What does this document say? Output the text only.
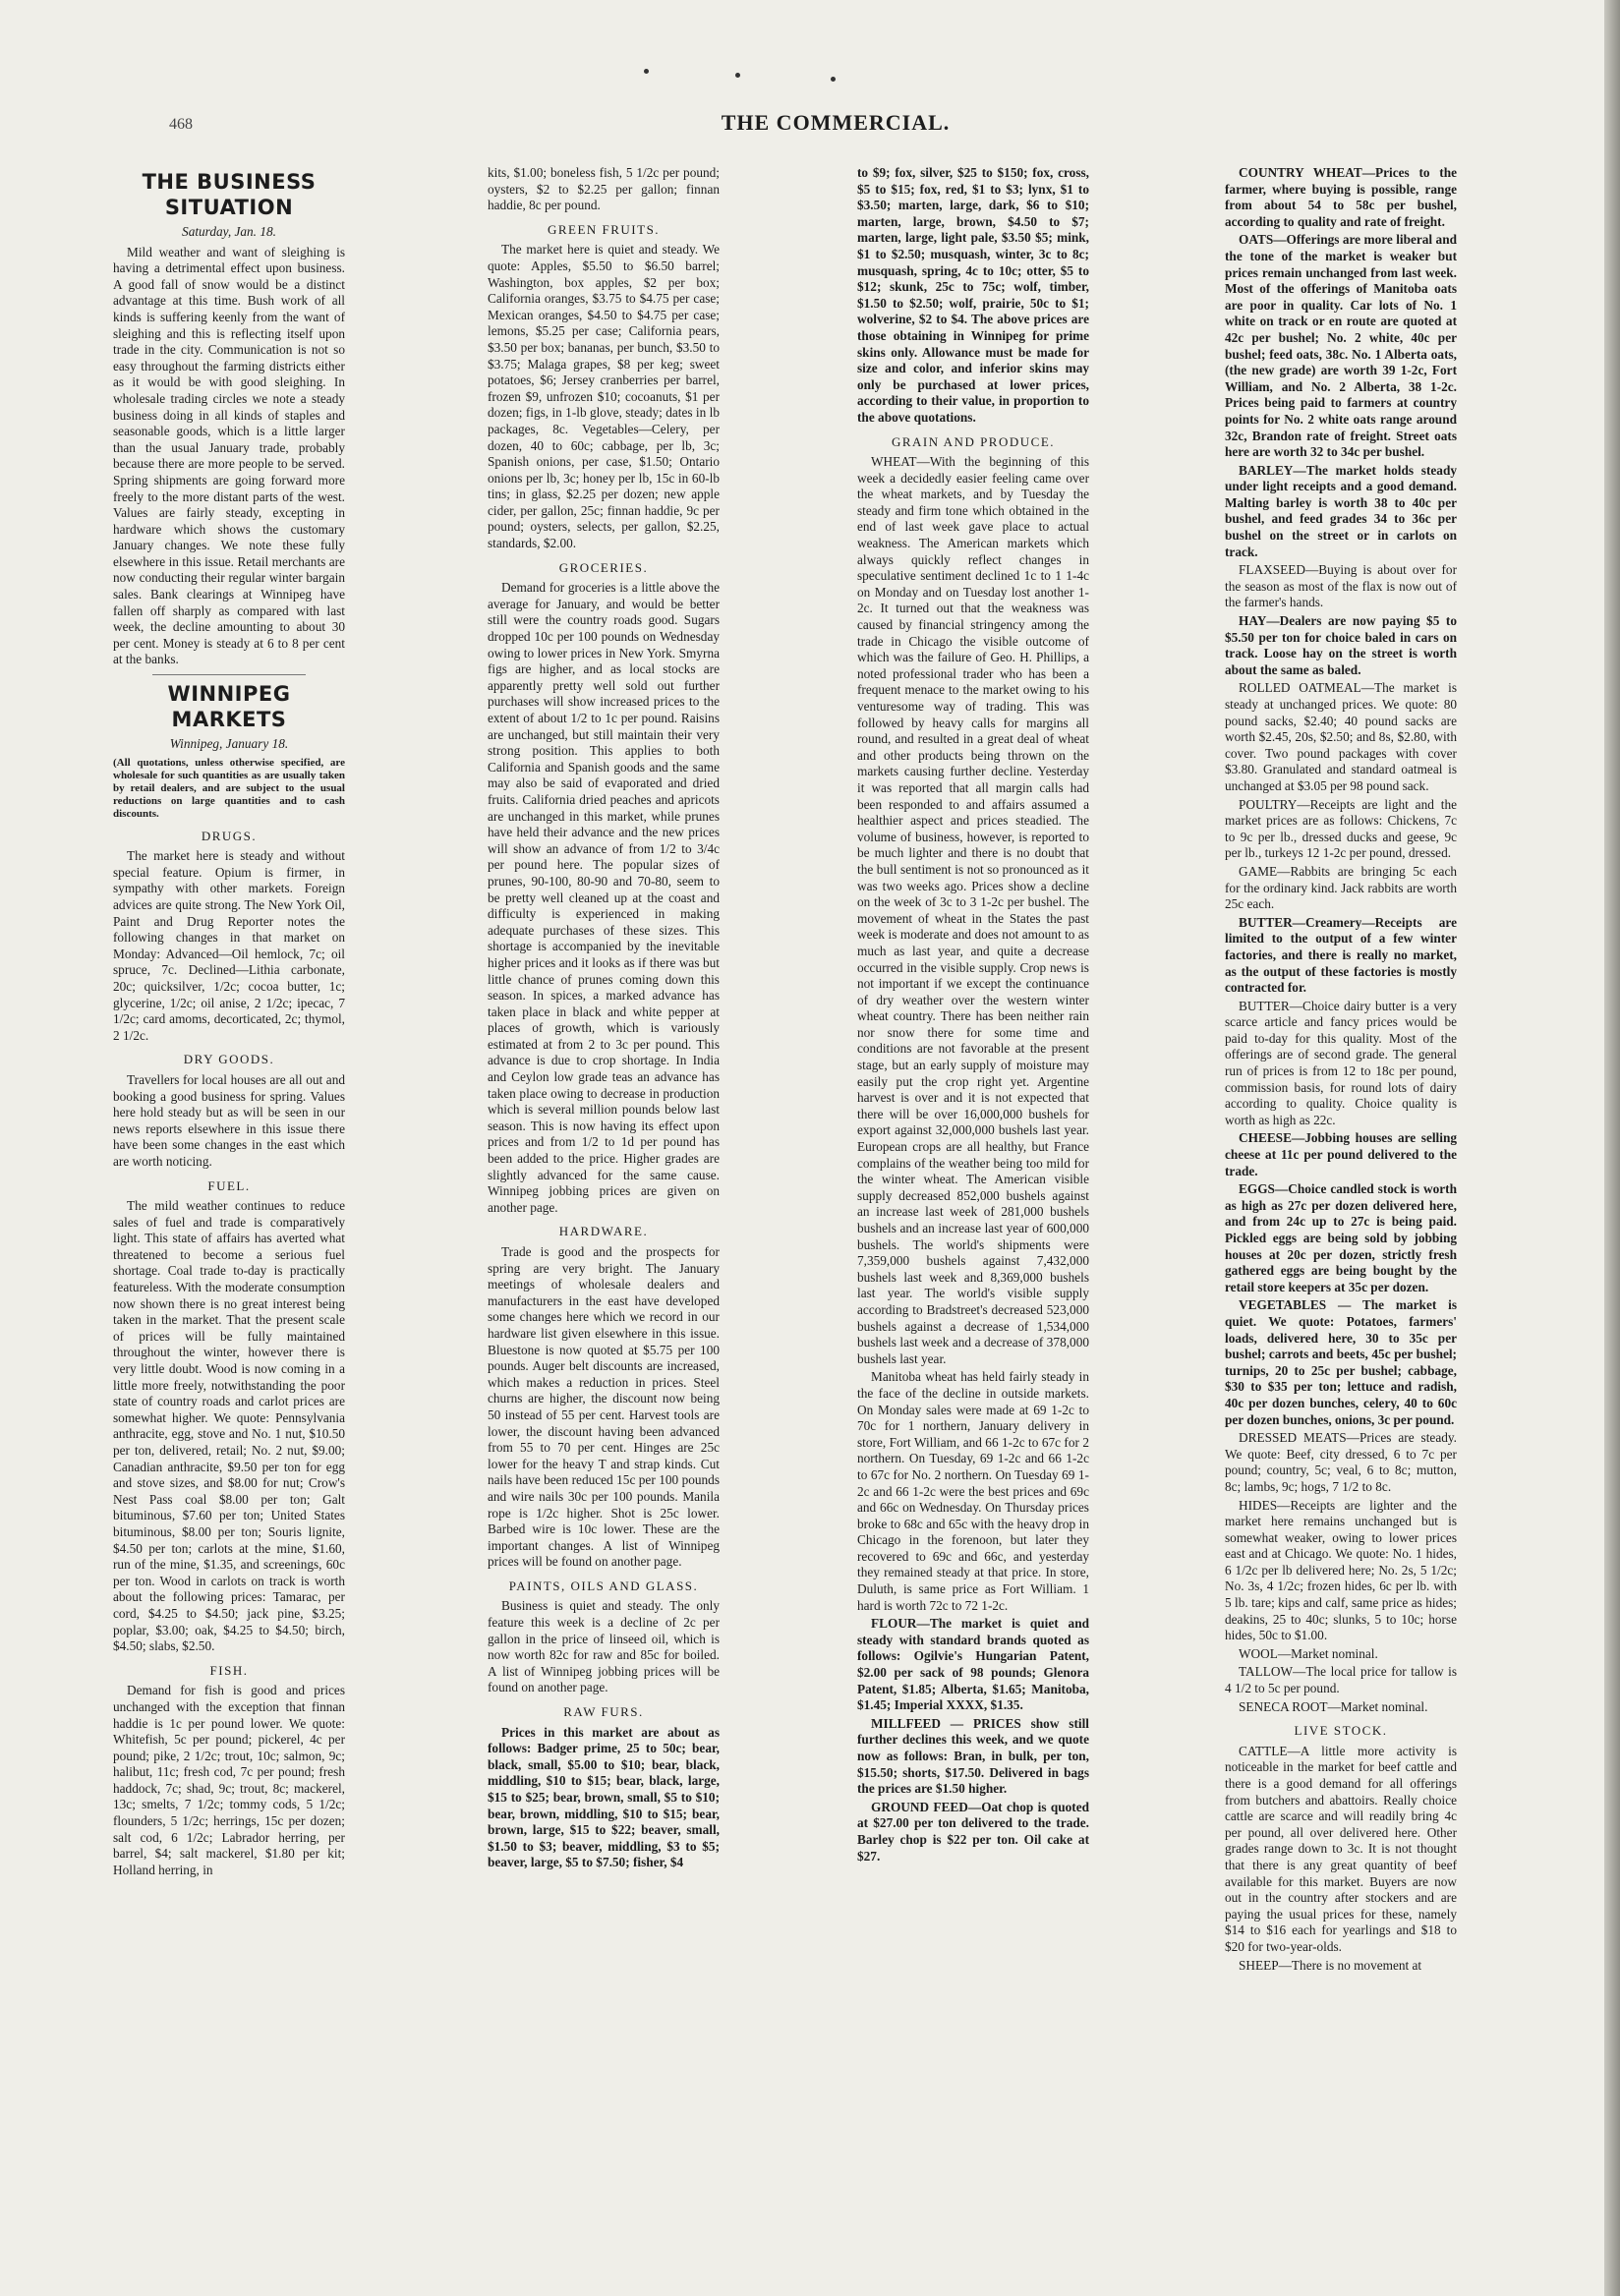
468	THE COMMERCIAL.
THE BUSINESS SITUATION

Saturday, Jan. 18.

Mild weather and want of sleighing is having a detrimental effect upon business. A good fall of snow would be a distinct advantage at this time. Bush work of all kinds is suffering keenly from the want of sleighing and this is reflecting itself upon trade in the city. Communication is not so easy throughout the farming districts either as it would be with good sleighing. In wholesale trading circles we note a steady business doing in all kinds of staples and seasonable goods, which is a little larger than the usual January trade, probably because there are more people to be served. Spring shipments are going forward more freely to the more distant parts of the west. Values are fairly steady, excepting in hardware which shows the customary January changes. We note these fully elsewhere in this issue. Retail merchants are now conducting their regular winter bargain sales. Bank clearings at Winnipeg have fallen off sharply as compared with last week, the decline amounting to about 30 per cent. Money is steady at 6 to 8 per cent at the banks.

WINNIPEG MARKETS

Winnipeg, January 18.

(All quotations, unless otherwise specified, are wholesale for such quantities as are usually taken by retail dealers, and are subject to the usual reductions on large quantities and to cash discounts.

DRUGS.

The market here is steady and without special feature. Opium is firmer, in sympathy with other markets. Foreign advices are quite strong. The New York Oil, Paint and Drug Reporter notes the following changes in that market on Monday: Advanced—Oil hemlock, 7c; oil spruce, 7c. Declined—Lithia carbonate, 20c; quicksilver, 1/2c; cocoa butter, 1c; glycerine, 1/2c; oil anise, 2 1/2c; ipecac, 7 1/2c; card amoms, decorticated, 2c; thymol, 2 1/2c.

DRY GOODS.

Travellers for local houses are all out and booking a good business for spring. Values here hold steady but as will be seen in our news reports elsewhere in this issue there have been some changes in the east which are worth noticing.

FUEL.

The mild weather continues to reduce sales of fuel and trade is comparatively light. This state of affairs has averted what threatened to become a serious fuel shortage. Coal trade to-day is practically featureless. With the moderate consumption now shown there is no great interest being taken in the market. That the present scale of prices will be fully maintained throughout the winter, however there is very little doubt. Wood is now coming in a little more freely, notwithstanding the poor state of country roads and carlot prices are somewhat higher. We quote: Pennsylvania anthracite, egg, stove and No. 1 nut, $10.50 per ton, delivered, retail; No. 2 nut, $9.00; Canadian anthracite, $9.50 per ton for egg and stove sizes, and $8.00 for nut; Crow's Nest Pass coal $8.00 per ton; Galt bituminous, $7.60 per ton; United States bituminous, $8.00 per ton; Souris lignite, $4.50 per ton; carlots at the mine, $1.60, run of the mine, $1.35, and screenings, 60c per ton. Wood in carlots on track is worth about the following prices: Tamarac, per cord, $4.25 to $4.50; jack pine, $3.25; poplar, $3.00; oak, $4.25 to $4.50; birch, $4.50; slabs, $2.50.

FISH.

Demand for fish is good and prices unchanged with the exception that finnan haddie is 1c per pound lower. We quote: Whitefish, 5c per pound; pickerel, 4c per pound; pike, 2 1/2c; trout, 10c; salmon, 9c; halibut, 11c; fresh cod, 7c per pound; fresh haddock, 7c; shad, 9c; trout, 8c; mackerel, 13c; smelts, 7 1/2c; tommy cods, 5 1/2c; flounders, 5 1/2c; herrings, 15c per dozen; salt cod, 6 1/2c; Labrador herring, per barrel, $4; salt mackerel, $1.80 per kit; Holland herring, in

kits, $1.00; boneless fish, 5 1/2c per pound; oysters, $2 to $2.25 per gallon; finnan haddie, 8c per pound.

GREEN FRUITS.

The market here is quiet and steady. We quote: Apples, $5.50 to $6.50 barrel; Washington, box apples, $2 per box; California oranges, $3.75 to $4.75 per case; Mexican oranges, $4.50 to $4.75 per case; lemons, $5.25 per case; California pears, $3.50 per box; bananas, per bunch, $3.50 to $3.75; Malaga grapes, $8 per keg; sweet potatoes, $6; Jersey cranberries per barrel, frozen $9, unfrozen $10; cocoanuts, $1 per dozen; figs, in 1-lb glove, steady; dates in lb packages, 8c. Vegetables—Celery, per dozen, 40 to 60c; cabbage, per lb, 3c; Spanish onions, per case, $1.50; Ontario onions per lb, 3c; honey per lb, 15c in 60-lb tins; in glass, $2.25 per dozen; new apple cider, per gallon, 25c; finnan haddie, 9c per pound; oysters, selects, per gallon, $2.25, standards, $2.00.

GROCERIES.

Demand for groceries is a little above the average for January, and would be better still were the country roads good. Sugars dropped 10c per 100 pounds on Wednesday owing to lower prices in New York. Smyrna figs are higher, and as local stocks are apparently pretty well sold out further purchases will show increased prices to the extent of about 1/2 to 1c per pound. Raisins are unchanged, but still maintain their very strong position. This applies to both California and Spanish goods and the same may also be said of evaporated and dried fruits. California dried peaches and apricots are unchanged in this market, while prunes have held their advance and the new prices will show an advance of from 1/2 to 3/4c per pound here. The popular sizes of prunes, 90-100, 80-90 and 70-80, seem to be pretty well cleaned up at the coast and difficulty is experienced in making adequate purchases of these sizes. This shortage is accompanied by the inevitable higher prices and it looks as if there was but little chance of prunes coming down this season. In spices, a marked advance has taken place in black and white pepper at places of growth, which is variously estimated at from 2 to 3c per pound. This advance is due to crop shortage. In India and Ceylon low grade teas an advance has taken place owing to decrease in production which is several million pounds below last season. This is now having its effect upon prices and from 1/2 to 1d per pound has been added to the price. Higher grades are slightly advanced for the same cause. Winnipeg jobbing prices are given on another page.

HARDWARE.

Trade is good and the prospects for spring are very bright. The January meetings of wholesale dealers and manufacturers in the east have developed some changes here which we record in our hardware list given elsewhere in this issue. Bluestone is now quoted at $5.75 per 100 pounds. Auger belt discounts are increased, which makes a reduction in prices. Steel churns are higher, the discount now being 50 instead of 55 per cent. Harvest tools are lower, the discount having been advanced from 55 to 70 per cent. Hinges are 25c lower for the heavy T and strap kinds. Cut nails have been reduced 15c per 100 pounds and wire nails 30c per 100 pounds. Manila rope is 1/2c higher. Shot is 25c lower. Barbed wire is 10c lower. These are the important changes. A list of Winnipeg prices will be found on another page.

PAINTS, OILS AND GLASS.

Business is quiet and steady. The only feature this week is a decline of 2c per gallon in the price of linseed oil, which is now worth 82c for raw and 85c for boiled. A list of Winnipeg jobbing prices will be found on another page.

RAW FURS.

Prices in this market are about as follows: Badger prime, 25 to 50c; bear, black, small, $5.00 to $10; bear, black, middling, $10 to $15; bear, black, large, $15 to $25; bear, brown, small, $5 to $10; bear, brown, middling, $10 to $15; bear, brown, large, $15 to $22; beaver, small, $1.50 to $3; beaver, middling, $3 to $5; beaver, large, $5 to $7.50; fisher, $4

to $9; fox, silver, $25 to $150; fox, cross, $5 to $15; fox, red, $1 to $3; lynx, $1 to $3.50; marten, large, dark, $6 to $10; marten, large, brown, $4.50 to $7; marten, large, light pale, $3.50 $5; mink, $1 to $2.50; musquash, winter, 3c to 8c; musquash, spring, 4c to 10c; otter, $5 to $12; skunk, 25c to 75c; wolf, timber, $1.50 to $2.50; wolf, prairie, 50c to $1; wolverine, $2 to $4. The above prices are those obtaining in Winnipeg for prime skins only. Allowance must be made for size and color, and inferior skins may only be purchased at lower prices, according to their value, in proportion to the above quotations.

GRAIN AND PRODUCE.

WHEAT—With the beginning of this week a decidedly easier feeling came over the wheat markets, and by Tuesday the steady and firm tone which obtained in the end of last week gave place to actual weakness. The American markets which always quickly reflect changes in speculative sentiment declined 1c to 1 1-4c on Monday and on Tuesday lost another 1-2c. It turned out that the weakness was caused by financial stringency among the trade in Chicago the visible outcome of which was the failure of Geo. H. Phillips, a noted professional trader who has been a frequent menace to the market owing to his venturesome way of trading. This was followed by heavy calls for margins all round, and resulted in a great deal of wheat and other products being thrown on the markets causing further decline. Yesterday it was reported that all margin calls had been responded to and affairs assumed a healthier aspect and prices steadied. The volume of business, however, is reported to be much lighter and there is no doubt that the bull sentiment is not so pronounced as it was two weeks ago. Prices show a decline on the week of 3c to 3 1-2c per bushel. The movement of wheat in the States the past week is moderate and does not amount to as much as last year, and quite a decrease occurred in the visible supply. Crop news is not important if we except the continuance of dry weather over the western winter wheat country. There has been neither rain nor snow there for some time and conditions are not favorable at the present stage, but an early supply of moisture may easily put the crop right yet. Argentine harvest is over and it is not expected that there will be over 16,000,000 bushels for export against 32,000,000 bushels last year. European crops are all healthy, but France complains of the weather being too mild for the winter wheat. The American visible supply decreased 852,000 bushels against an increase last week of 281,000 bushels bushels and an increase last year of 600,000 bushels. The world's shipments were 7,359,000 bushels against 7,432,000 bushels last week and 8,369,000 bushels last year. The world's visible supply according to Bradstreet's decreased 523,000 bushels against a decrease of 1,534,000 bushels last week and a decrease of 378,000 bushels last year.

Manitoba wheat has held fairly steady in the face of the decline in outside markets. On Monday sales were made at 69 1-2c to 70c for 1 northern, January delivery in store, Fort William, and 66 1-2c to 67c for 2 northern. On Tuesday, 69 1-2c and 66 1-2c to 67c for No. 2 northern. On Tuesday 69 1-2c and 66 1-2c were the best prices and 69c and 66c on Wednesday. On Thursday prices broke to 68c and 65c with the heavy drop in Chicago in the forenoon, but later they recovered to 69c and 66c, and yesterday they remained steady at that price. In store, Duluth, is same price as Fort William. 1 hard is worth 72c to 72 1-2c.

FLOUR—The market is quiet and steady with standard brands quoted as follows: Ogilvie's Hungarian Patent, $2.00 per sack of 98 pounds; Glenora Patent, $1.85; Alberta, $1.65; Manitoba, $1.45; Imperial XXXX, $1.35.

MILLFEED — PRICES show still further declines this week, and we quote now as follows: Bran, in bulk, per ton, $15.50; shorts, $17.50. Delivered in bags the prices are $1.50 higher.

GROUND FEED—Oat chop is quoted at $27.00 per ton delivered to the trade. Barley chop is $22 per ton. Oil cake at $27.

COUNTRY WHEAT—Prices to the farmer, where buying is possible, range from about 54 to 58c per bushel, according to quality and rate of freight.

OATS—Offerings are more liberal and the tone of the market is weaker but prices remain unchanged from last week. Most of the offerings of Manitoba oats are poor in quality. Car lots of No. 1 white on track or en route are quoted at 42c per bushel; No. 2 white, 40c per bushel; feed oats, 38c. No. 1 Alberta oats, (the new grade) are worth 39 1-2c, Fort William, and No. 2 Alberta, 38 1-2c. Prices being paid to farmers at country points for No. 2 white oats range around 32c, Brandon rate of freight. Street oats here are worth 32 to 34c per bushel.

BARLEY—The market holds steady under light receipts and a good demand. Malting barley is worth 38 to 40c per bushel, and feed grades 34 to 36c per bushel on the street or in carlots on track.

FLAXSEED—Buying is about over for the season as most of the flax is now out of the farmer's hands.

HAY—Dealers are now paying $5 to $5.50 per ton for choice baled in cars on track. Loose hay on the street is worth about the same as baled.

ROLLED OATMEAL—The market is steady at unchanged prices. We quote: 80 pound sacks, $2.40; 40 pound sacks are worth $2.45, 20s, $2.50; and 8s, $2.80, with cover. Two pound packages with cover $3.80. Granulated and standard oatmeal is unchanged at $3.05 per 98 pound sack.

POULTRY—Receipts are light and the market prices are as follows: Chickens, 7c to 9c per lb., dressed ducks and geese, 9c per lb., turkeys 12 1-2c per pound, dressed.

GAME—Rabbits are bringing 5c each for the ordinary kind. Jack rabbits are worth 25c each.

BUTTER—Creamery—Receipts are limited to the output of a few winter factories, and there is really no market, as the output of these factories is mostly contracted for.

BUTTER—Choice dairy butter is a very scarce article and fancy prices would be paid to-day for this quality. Most of the offerings are of second grade. The general run of prices is from 12 to 18c per pound, commission basis, for round lots of dairy according to quality. Choice quality is worth as high as 22c.

CHEESE—Jobbing houses are selling cheese at 11c per pound delivered to the trade.

EGGS—Choice candled stock is worth as high as 27c per dozen delivered here, and from 24c up to 27c is being paid. Pickled eggs are being sold by jobbing houses at 20c per dozen, strictly fresh gathered eggs are being bought by the retail store keepers at 35c per dozen.

VEGETABLES — The market is quiet. We quote: Potatoes, farmers' loads, delivered here, 30 to 35c per bushel; carrots and beets, 45c per bushel; turnips, 20 to 25c per bushel; cabbage, $30 to $35 per ton; lettuce and radish, 40c per dozen bunches, celery, 40 to 60c per dozen bunches, onions, 3c per pound.

DRESSED MEATS—Prices are steady. We quote: Beef, city dressed, 6 to 7c per pound; country, 5c; veal, 6 to 8c; mutton, 8c; lambs, 9c; hogs, 7 1/2 to 8c.

HIDES—Receipts are lighter and the market here remains unchanged but is somewhat weaker, owing to lower prices east and at Chicago. We quote: No. 1 hides, 6 1/2c per lb delivered here; No. 2s, 5 1/2c; No. 3s, 4 1/2c; frozen hides, 6c per lb. with 5 lb. tare; kips and calf, same price as hides; deakins, 25 to 40c; slunks, 5 to 10c; horse hides, 50c to $1.00.

WOOL—Market nominal.

TALLOW—The local price for tallow is 4 1/2 to 5c per pound.

SENECA ROOT—Market nominal.

LIVE STOCK.

CATTLE—A little more activity is noticeable in the market for beef cattle and there is a good demand for all offerings from butchers and abattoirs. Really choice cattle are scarce and will readily bring 4c per pound, all over delivered here. Other grades range down to 3c. It is not thought that there is any great quantity of beef available for this market. Buyers are now out in the country after stockers and are paying the usual prices for these, namely $14 to $16 each for yearlings and $18 to $20 for two-year-olds.

SHEEP—There is no movement at
